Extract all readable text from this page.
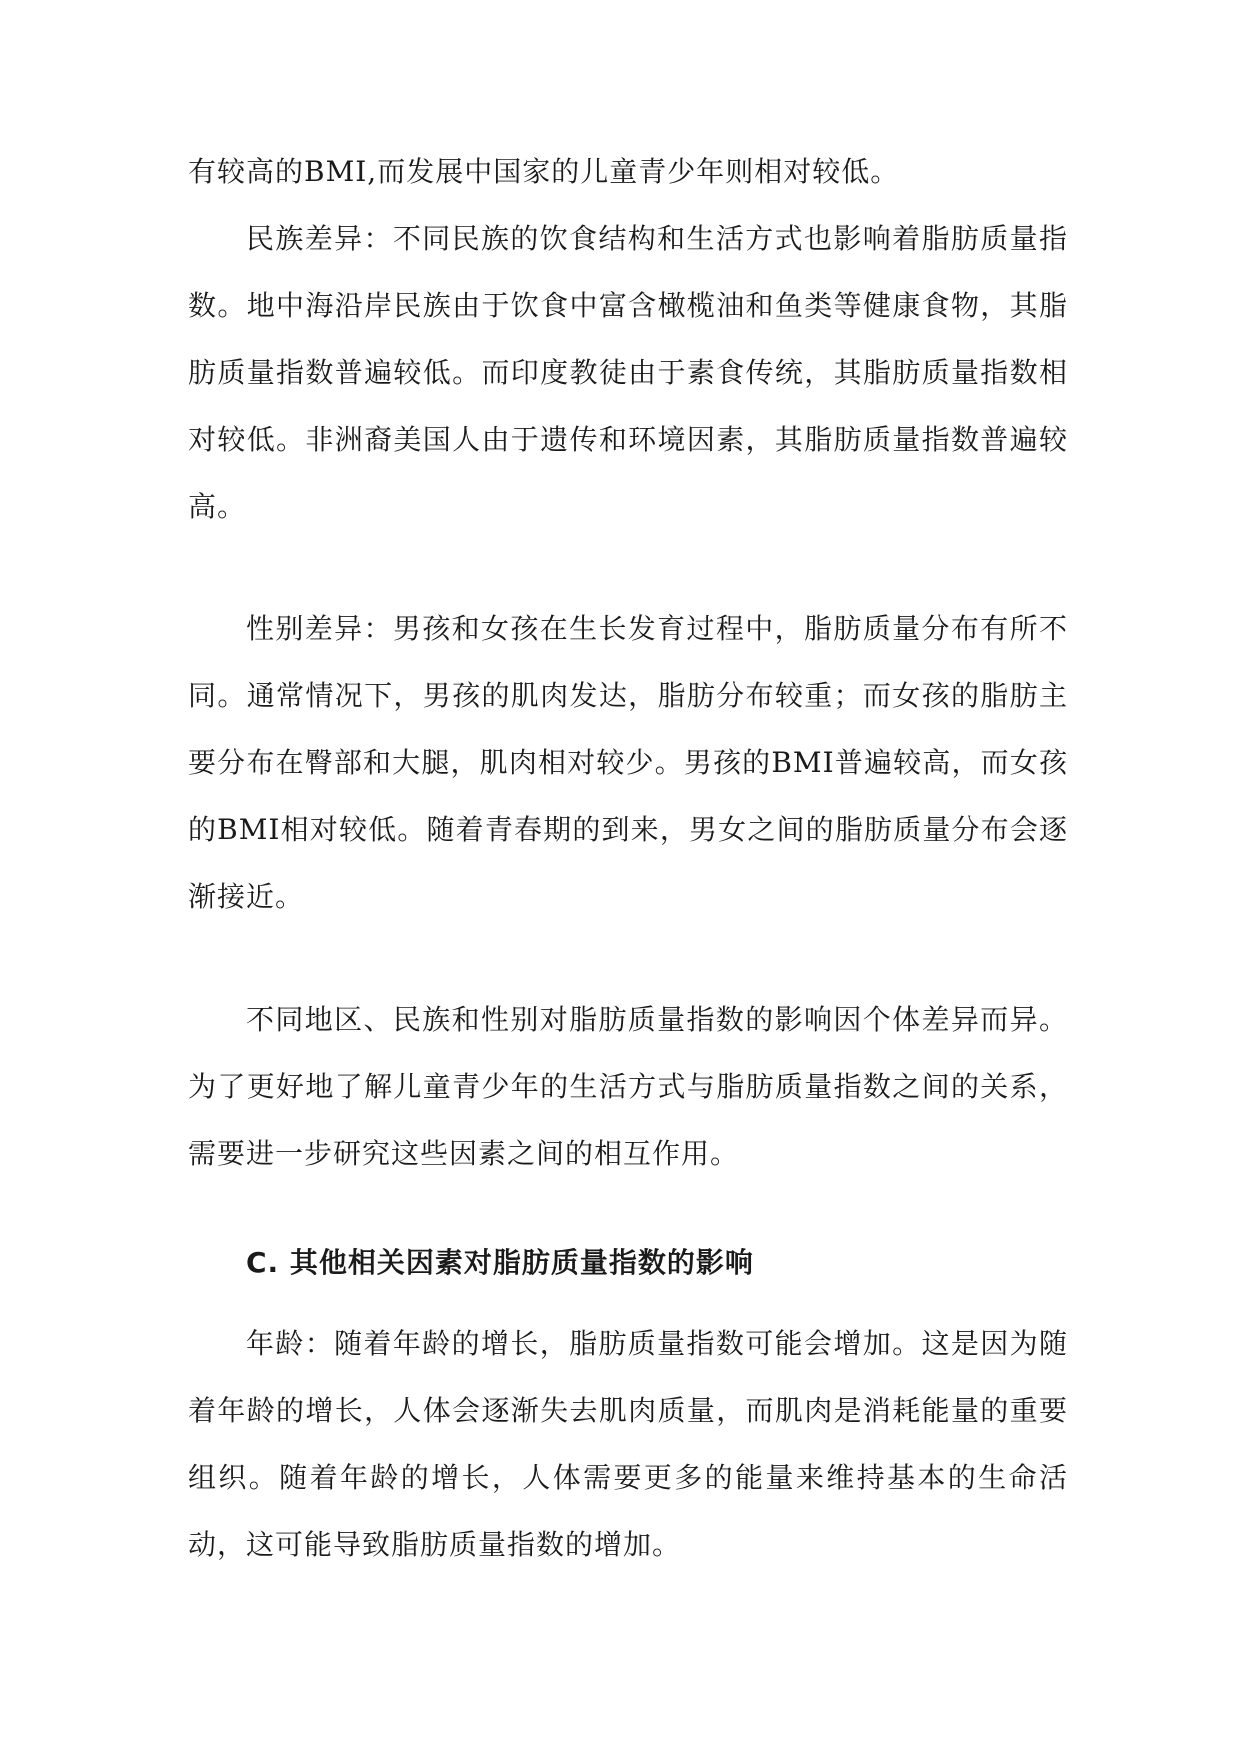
有较高的BMI,而发展中国家的儿童青少年则相对较低。

民族差异：不同民族的饮食结构和生活方式也影响着脂肪质量指数。地中海沿岸民族由于饮食中富含橄榄油和鱼类等健康食物，其脂肪质量指数普遍较低。而印度教徒由于素食传统，其脂肪质量指数相对较低。非洲裔美国人由于遗传和环境因素，其脂肪质量指数普遍较高。

性别差异：男孩和女孩在生长发育过程中，脂肪质量分布有所不同。通常情况下，男孩的肌肉发达，脂肪分布较重；而女孩的脂肪主要分布在臀部和大腿，肌肉相对较少。男孩的BMI普遍较高，而女孩的BMI相对较低。随着青春期的到来，男女之间的脂肪质量分布会逐渐接近。

不同地区、民族和性别对脂肪质量指数的影响因个体差异而异。为了更好地了解儿童青少年的生活方式与脂肪质量指数之间的关系，需要进一步研究这些因素之间的相互作用。

C. 其他相关因素对脂肪质量指数的影响

年龄：随着年龄的增长，脂肪质量指数可能会增加。这是因为随着年龄的增长，人体会逐渐失去肌肉质量，而肌肉是消耗能量的重要组织。随着年龄的增长，人体需要更多的能量来维持基本的生命活动，这可能导致脂肪质量指数的增加。
